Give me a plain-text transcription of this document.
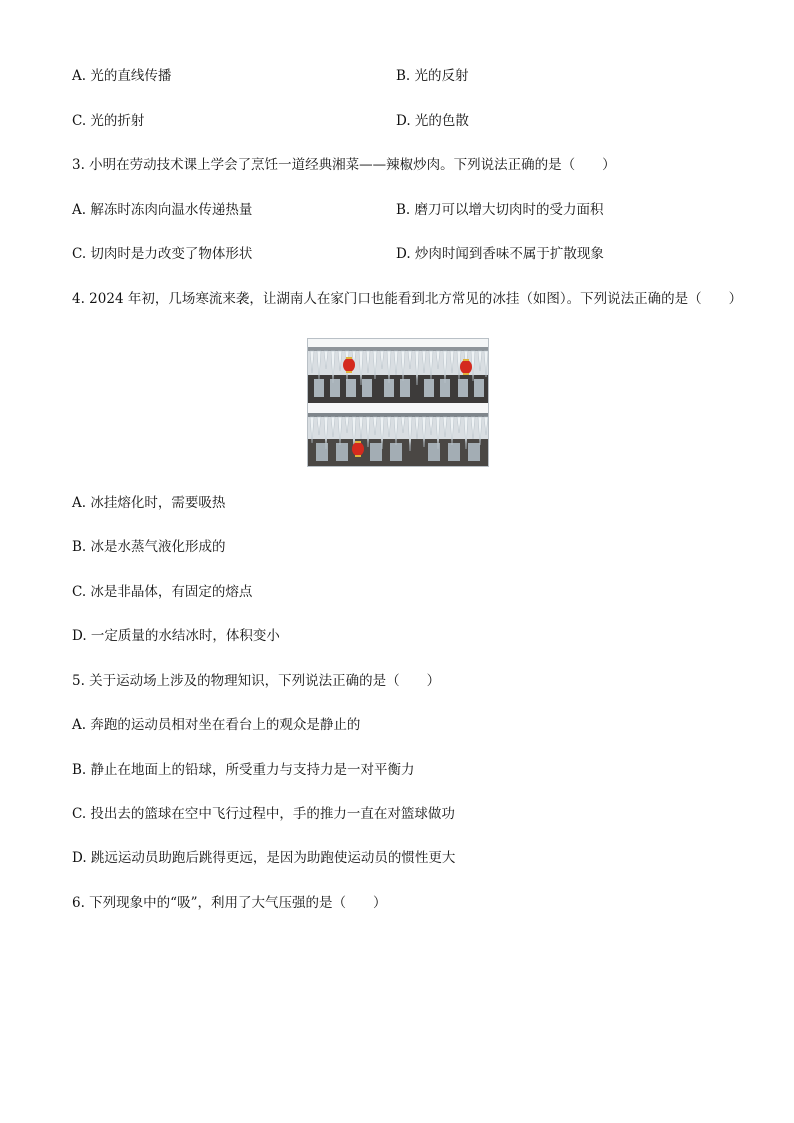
A. 光的直线传播	B. 光的反射
C. 光的折射	D. 光的色散
3. 小明在劳动技术课上学会了烹饪一道经典湘菜——辣椒炒肉。下列说法正确的是（　　）
A. 解冻时冻肉向温水传递热量	B. 磨刀可以增大切肉时的受力面积
C. 切肉时是力改变了物体形状	D. 炒肉时闻到香味不属于扩散现象
4. 2024 年初，几场寒流来袭，让湖南人在家门口也能看到北方常见的冰挂（如图）。下列说法正确的是（　　）
A. 冰挂熔化时，需要吸热
B. 冰是水蒸气液化形成的
C. 冰是非晶体，有固定的熔点
D. 一定质量的水结冰时，体积变小
5. 关于运动场上涉及的物理知识，下列说法正确的是（　　）
A. 奔跑的运动员相对坐在看台上的观众是静止的
B. 静止在地面上的铅球，所受重力与支持力是一对平衡力
C. 投出去的篮球在空中飞行过程中，手的推力一直在对篮球做功
D. 跳远运动员助跑后跳得更远，是因为助跑使运动员的惯性更大
6. 下列现象中的“吸”，利用了大气压强的是（　　）
